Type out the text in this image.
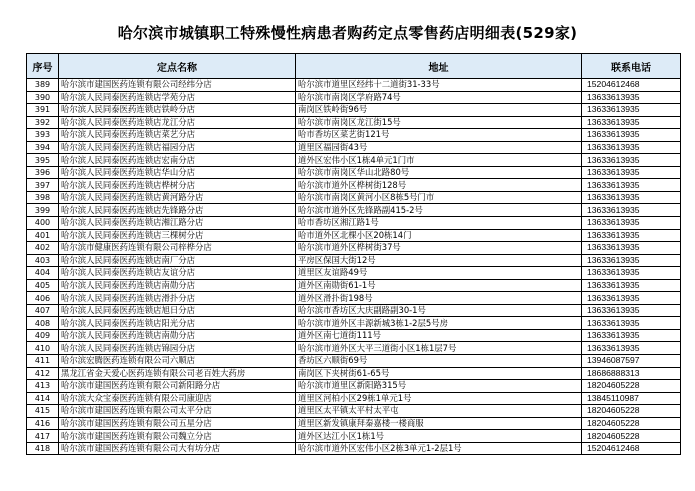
哈尔滨市城镇职工特殊慢性病患者购药定点零售药店明细表(529家)
序号	定点名称	地址	联系电话
389	哈尔滨市建国医药连锁有限公司经纬分店	哈尔滨市道里区经纬十二道街31-33号	15204612468
390	哈尔滨人民同泰医药连锁店学苑分店	哈尔滨市南岗区学府路74号	13633613935
391	哈尔滨人民同泰医药连锁店铁岭分店	南岗区铁岭街96号	13633613935
392	哈尔滨人民同泰医药连锁店龙江分店	哈尔滨市南岗区龙江街15号	13633613935
393	哈尔滨人民同泰医药连锁店菜艺分店	哈市香坊区菜艺街121号	13633613935
394	哈尔滨人民同泰医药连锁店福园分店	道里区福园街43号	13633613935
395	哈尔滨人民同泰医药连锁店宏南分店	道外区宏伟小区1栋4单元1门市	13633613935
396	哈尔滨人民同泰医药连锁店华山分店	哈尔滨市南岗区华山北路80号	13633613935
397	哈尔滨人民同泰医药连锁店桦树分店	哈尔滨市道外区桦树街128号	13633613935
398	哈尔滨人民同泰医药连锁店黄河路分店	哈尔滨市南岗区黄河小区8栋5号门市	13633613935
399	哈尔滨人民同泰医药连锁店先锋路分店	哈尔滨市道外区先锋路副415-2号	13633613935
400	哈尔滨人民同泰医药连锁店湘江路分店	哈市香坊区湘江路1号	13633613935
401	哈尔滨人民同泰医药连锁店三棵树分店	哈市道外区北棵小区20栋14门	13633613935
402	哈尔滨市健康医药连锁有限公司梓桦分店	哈尔滨市道外区桦树街37号	13633613935
403	哈尔滨人民同泰医药连锁店南厂分店	平房区保国大街12号	13633613935
404	哈尔滨人民同泰医药连锁店友谊分店	道里区友谊路49号	13633613935
405	哈尔滨人民同泰医药连锁店南勋分店	道外区南勋街61-1号	13633613935
406	哈尔滨人民同泰医药连锁店滑扑分店	道外区滑扑街198号	13633613935
407	哈尔滨人民同泰医药连锁店旭日分店	哈尔滨市香坊区大庆副路副30-1号	13633613935
408	哈尔滨人民同泰医药连锁店阳光分店	哈尔滨市道外区丰源新城3栋1-2层5号房	13633613935
409	哈尔滨人民同泰医药连锁店南勋分店	道外区南七道街111号	13633613935
410	哈尔滨人民同泰医药连锁店锦园分店	哈尔滨市道外区大平三道街小区1栋1层7号	13633613935
411	哈尔滨宏腾医药连锁有限公司六顺店	香坊区六顺街69号	13946087597
412	黑龙江省金天爱心医药连锁有限公司老百姓大药房	南岗区下夹树街61-65号	18686888313
413	哈尔滨市建国医药连锁有限公司新阳路分店	哈尔滨市道里区新阳路315号	18204605228
414	哈尔滨大众宝泰医药连锁有限公司康迎店	道里区河柏小区29栋1单元1号	13845110987
415	哈尔滨市建国医药连锁有限公司太平分店	道里区太平镇太平村太平屯	18204605228
416	哈尔滨市建国医药连锁有限公司五星分店	道里区新发镇康拜秦嘉楼一楼商服	18204605228
417	哈尔滨市建国医药连锁有限公司魏立分店	道外区达江小区1栋1号	18204605228
418	哈尔滨市建国医药连锁有限公司大有坊分店	哈尔滨市道外区宏伟小区2栋3单元1-2层1号	15204612468
